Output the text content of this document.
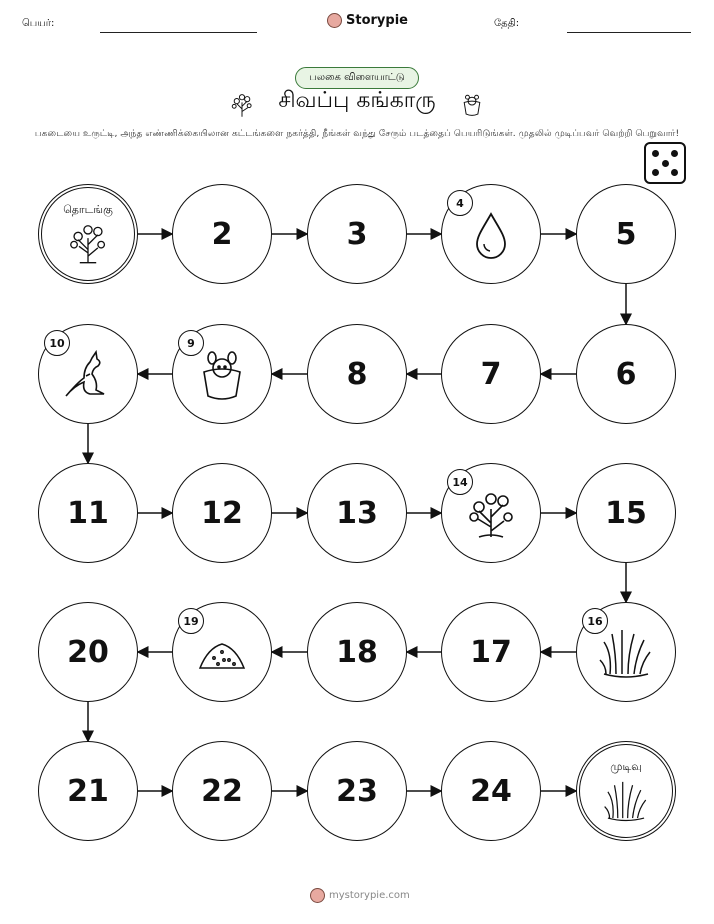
பெயர்:	Storypie	தேதி:
பலகை விளையாட்டு
சிவப்பு கங்காரு
பகடையை உருட்டி, அந்த எண்ணிக்கையிலான கட்டங்களை நகர்த்தி, நீங்கள் வந்து சேரும் படத்தைப் பெயரிடுங்கள். முதலில் முடிப்பவர் வெற்றி பெறுவார்!
தொடங்கு
2	3
4
5
6
7
8
9
10
11	12	13
14
15
16
17
18
19
20
21	22	23	24
முடிவு
mystorypie.com
